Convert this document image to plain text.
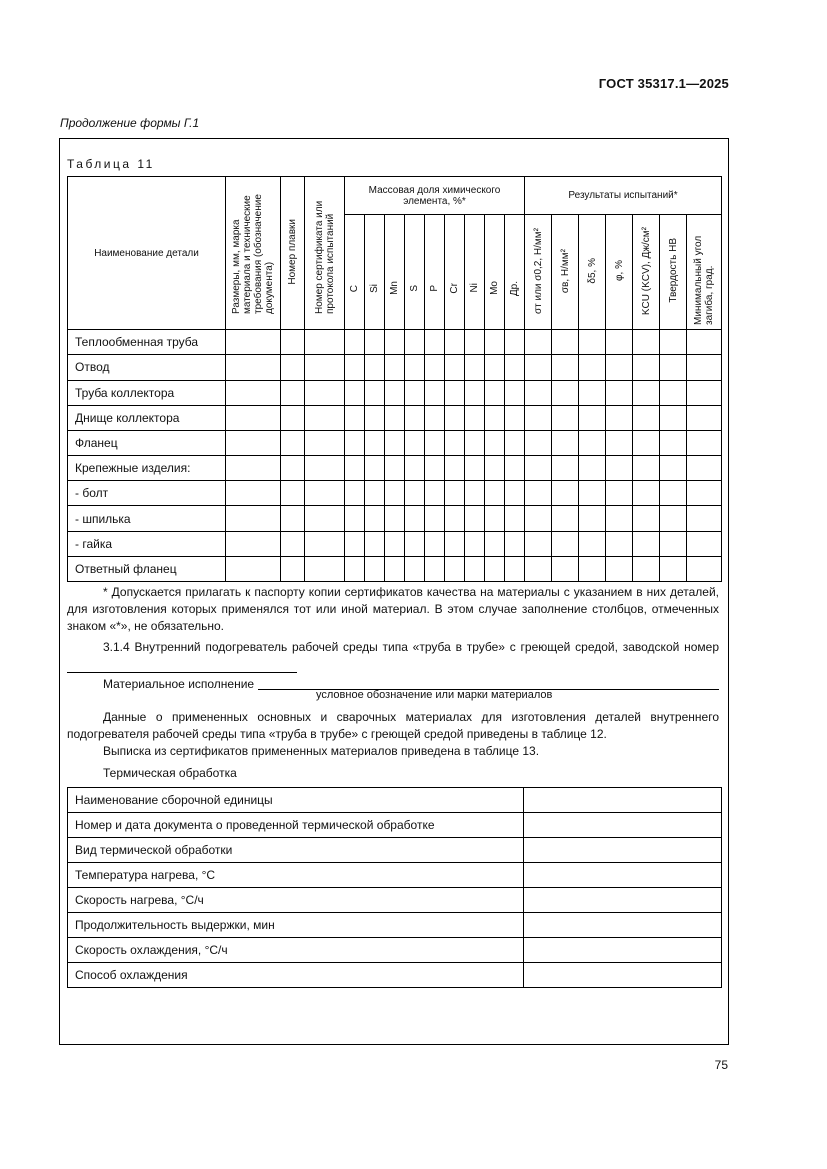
ГОСТ 35317.1—2025
Продолжение формы Г.1
Таблица 11
Наименование детали	Размеры, мм, марка материала и технические требования (обозначение документа)	Номер плавки	Номер сертификата или протокола испытаний	Массовая доля химического элемента, %*									Результаты испытаний*						
				C	Si	Mn	S	P	Cr	Ni	Mo	Др.	σт или σ0,2, Н/мм²	σв, Н/мм²	δ5, %	φ, %	KCU (KCV), Дж/см²	Твердость НВ	Минимальный угол загиба, град.
Теплообменная труба																			
Отвод																			
Труба коллектора																			
Днище коллектора																			
Фланец																			
Крепежные изделия:																			
- болт																			
- шпилька																			
- гайка																			
Ответный фланец																			
* Допускается прилагать к паспорту копии сертификатов качества на материалы с указанием в них деталей, для изготовления которых применялся тот или иной материал. В этом случае заполнение столбцов, отмеченных знаком «*», не обязательно.
3.1.4 Внутренний подогреватель рабочей среды типа «труба в трубе» с греющей средой, заводской номер
Материальное исполнение
условное обозначение или марки материалов
Данные о примененных основных и сварочных материалах для изготовления деталей внутреннего подогревателя рабочей среды типа «труба в трубе» с греющей средой приведены в таблице 12.
Выписка из сертификатов примененных материалов приведена в таблице 13.
Термическая обработка
Наименование сборочной единицы	
Номер и дата документа о проведенной термической обработке	
Вид термической обработки	
Температура нагрева, °С	
Скорость нагрева, °С/ч	
Продолжительность выдержки, мин	
Скорость охлаждения, °С/ч	
Способ охлаждения	
75
